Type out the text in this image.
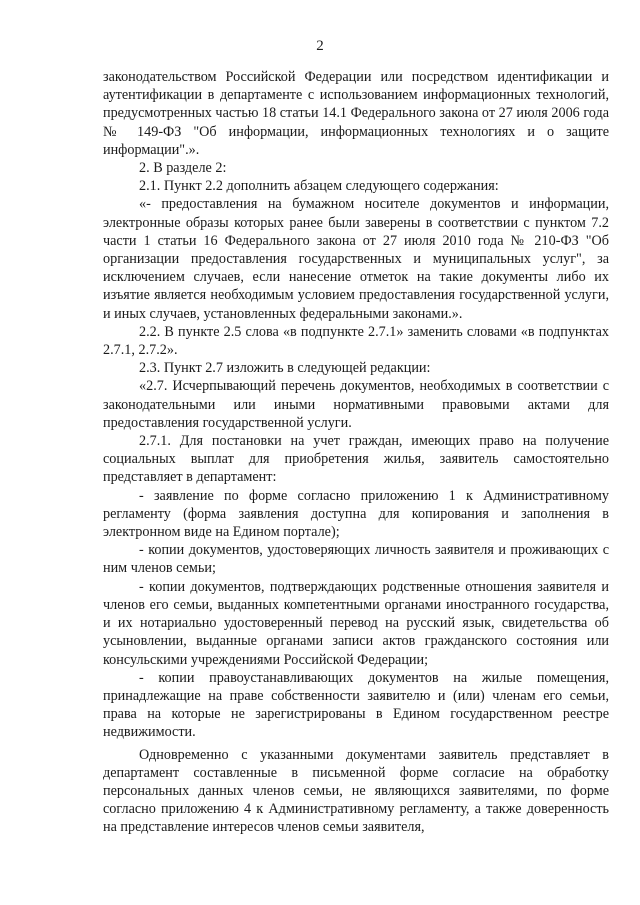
2

законодательством Российской Федерации или посредством идентификации и аутентификации в департаменте с использованием информационных технологий, предусмотренных частью 18 статьи 14.1 Федерального закона от 27 июля 2006 года № 149-ФЗ "Об информации, информационных технологиях и о защите информации".».

2. В разделе 2:

2.1. Пункт 2.2 дополнить абзацем следующего содержания:

«- предоставления на бумажном носителе документов и информации, электронные образы которых ранее были заверены в соответствии с пунктом 7.2 части 1 статьи 16 Федерального закона от 27 июля 2010 года № 210-ФЗ "Об организации предоставления государственных и муниципальных услуг", за исключением случаев, если нанесение отметок на такие документы либо их изъятие является необходимым условием предоставления государственной услуги, и иных случаев, установленных федеральными законами.».

2.2. В пункте 2.5 слова «в подпункте 2.7.1» заменить словами «в подпунктах 2.7.1, 2.7.2».

2.3. Пункт 2.7 изложить в следующей редакции:

«2.7. Исчерпывающий перечень документов, необходимых в соответствии с законодательными или иными нормативными правовыми актами для предоставления государственной услуги.

2.7.1. Для постановки на учет граждан, имеющих право на получение социальных выплат для приобретения жилья, заявитель самостоятельно представляет в департамент:

- заявление по форме согласно приложению 1 к Административному регламенту (форма заявления доступна для копирования и заполнения в электронном виде на Едином портале);

- копии документов, удостоверяющих личность заявителя и проживающих с ним членов семьи;

- копии документов, подтверждающих родственные отношения заявителя и членов его семьи, выданных компетентными органами иностранного государства, и их нотариально удостоверенный перевод на русский язык, свидетельства об усыновлении, выданные органами записи актов гражданского состояния или консульскими учреждениями Российской Федерации;

- копии правоустанавливающих документов на жилые помещения, принадлежащие на праве собственности заявителю и (или) членам его семьи, права на которые не зарегистрированы в Едином государственном реестре недвижимости.

Одновременно с указанными документами заявитель представляет в департамент составленные в письменной форме согласие на обработку персональных данных членов семьи, не являющихся заявителями, по форме согласно приложению 4 к Административному регламенту, а также доверенность на представление интересов членов семьи заявителя,
